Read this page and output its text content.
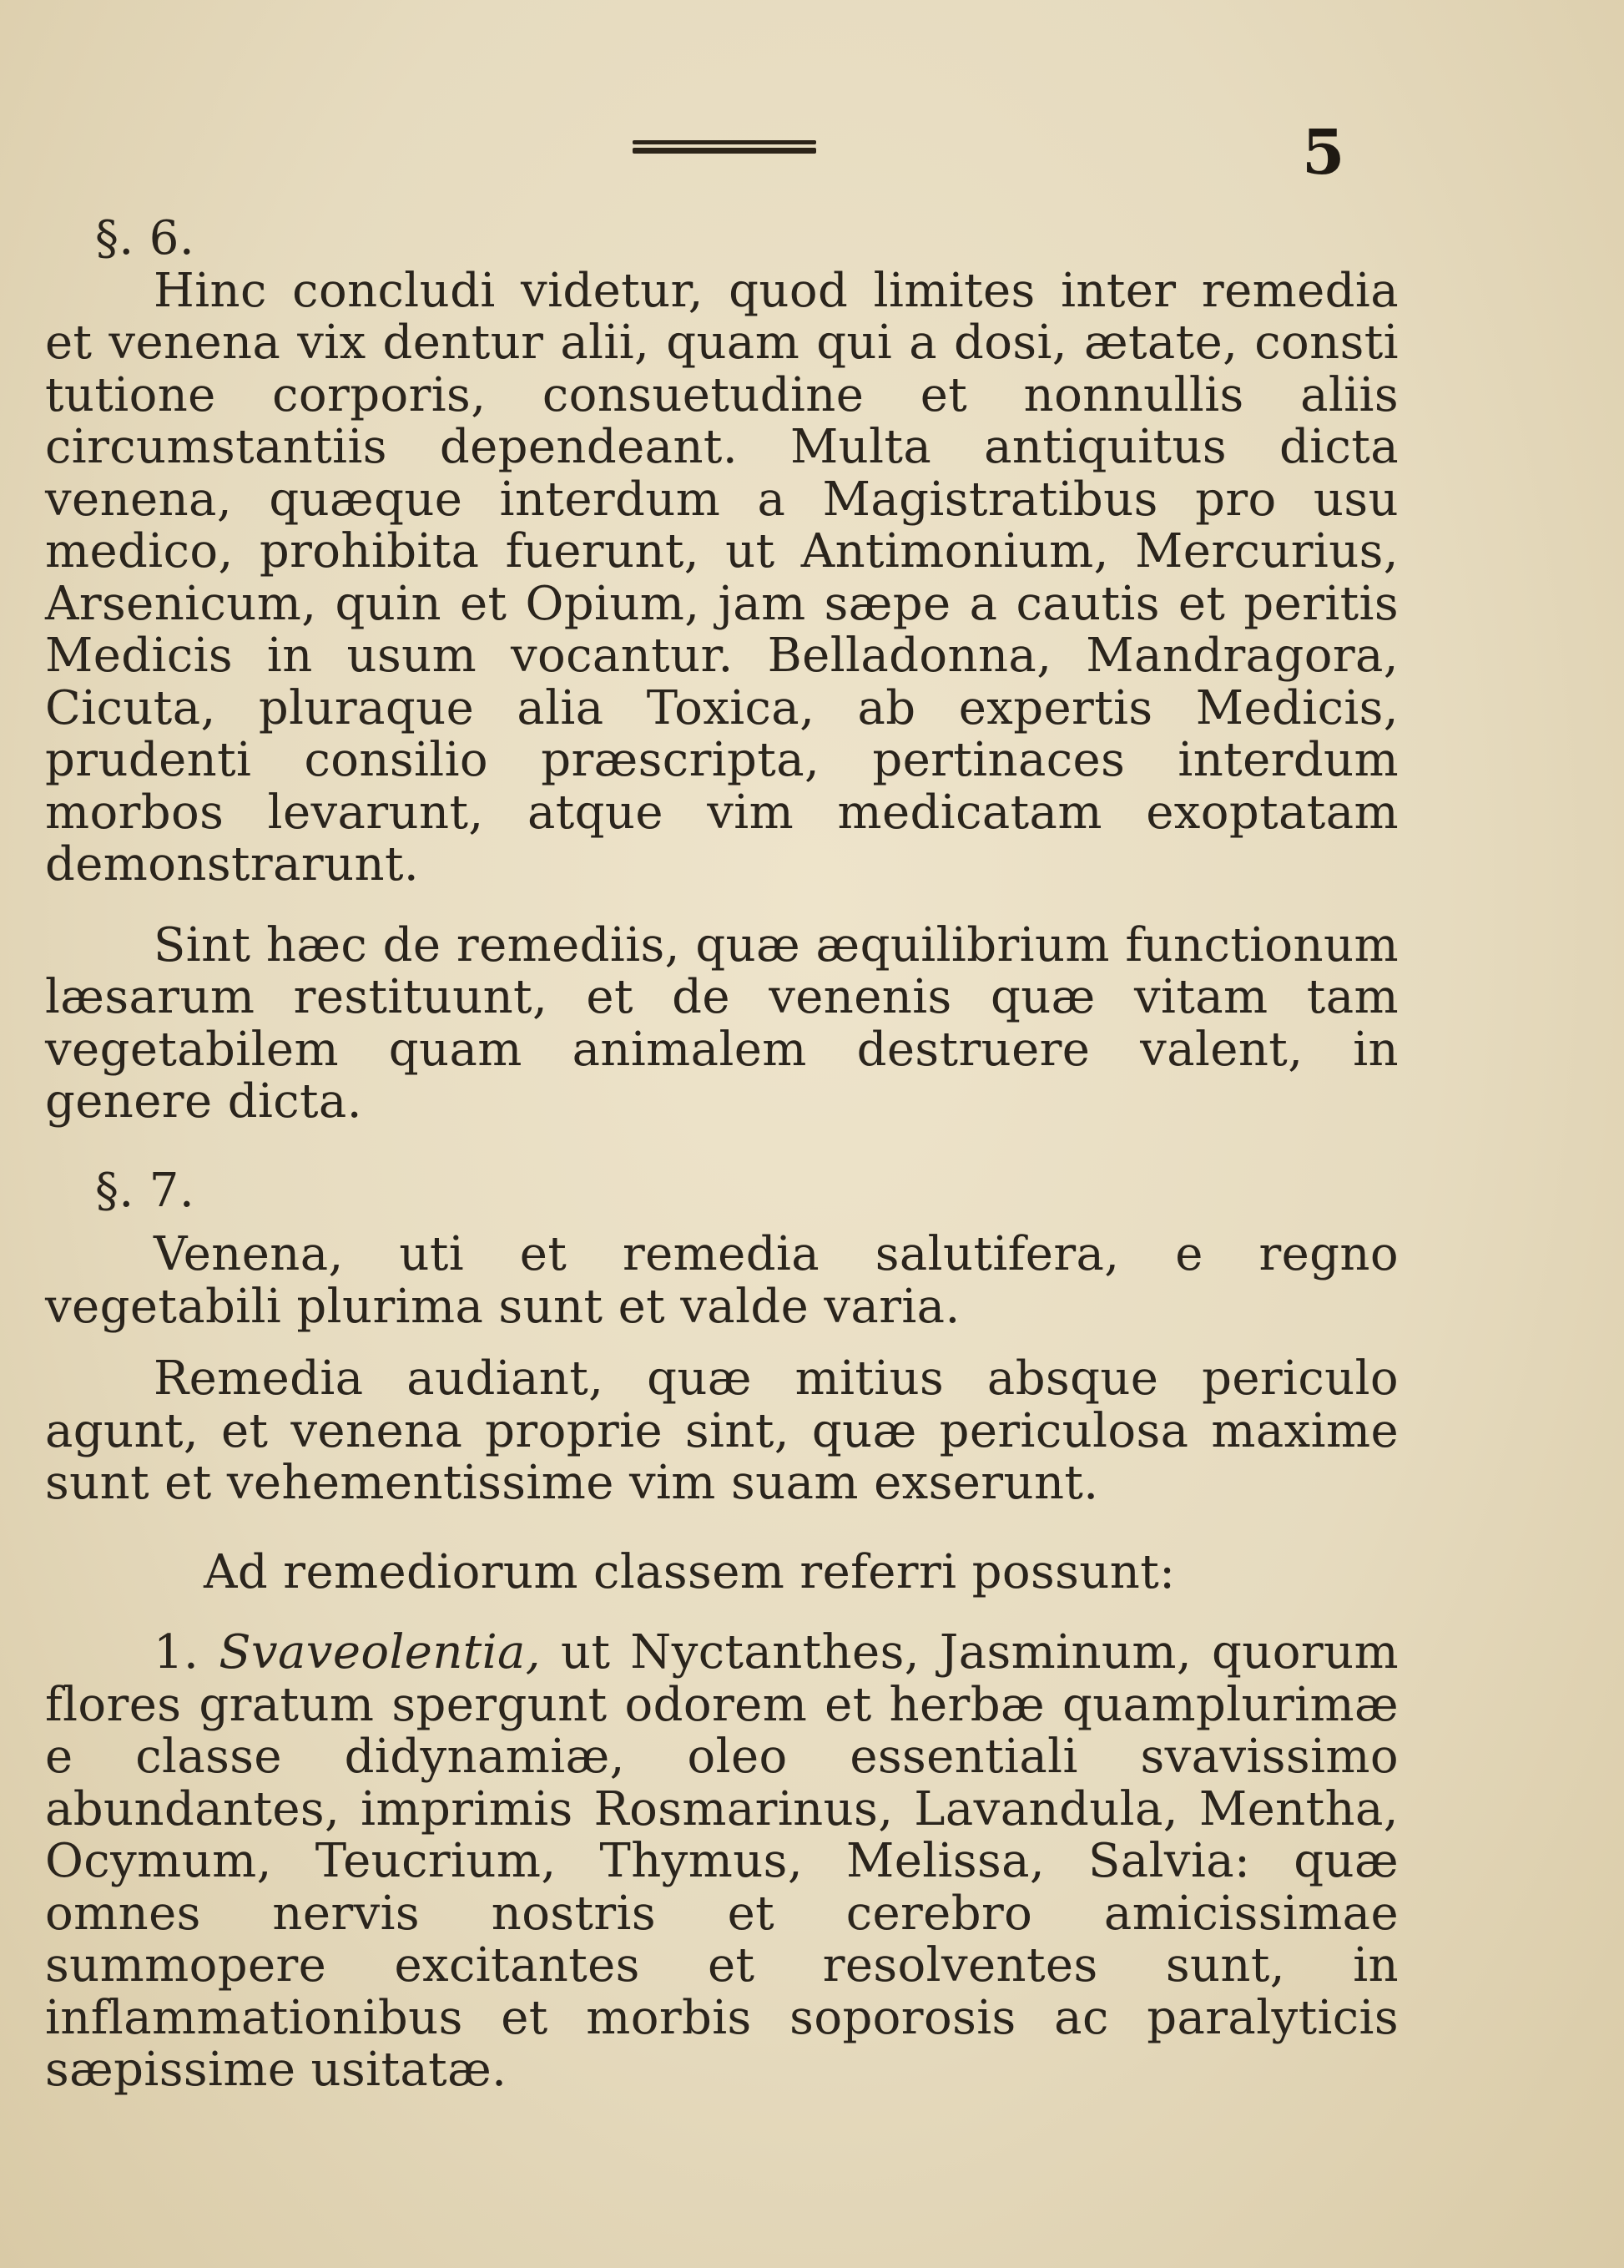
5

§. 6.

Hinc concludi videtur, quod limites inter remedia et venena vix dentur alii, quam qui a dosi, ætate, consti tutione corporis, consuetudine et nonnullis aliis circumstantiis dependeant. Multa antiquitus dicta venena, quæque interdum a Magistratibus pro usu medico, prohibita fuerunt, ut Antimonium, Mercurius, Arsenicum, quin et Opium, jam sæpe a cautis et peritis Medicis in usum vocantur. Belladonna, Mandragora, Cicuta, pluraque alia Toxica, ab expertis Medicis, prudenti consilio præscripta, pertinaces interdum morbos levarunt, atque vim medicatam exoptatam demonstrarunt.

Sint hæc de remediis, quæ æquilibrium functionum læsarum restituunt, et de venenis quæ vitam tam vegetabilem quam animalem destruere valent, in genere dicta.

§. 7.

Venena, uti et remedia salutifera, e regno vegetabili plurima sunt et valde varia.

Remedia audiant, quæ mitius absque periculo agunt, et venena proprie sint, quæ periculosa maxime sunt et vehementissime vim suam exserunt.

Ad remediorum classem referri possunt:

1. Svaveolentia, ut Nyctanthes, Jasminum, quorum flores gratum spergunt odorem et herbæ quamplurimæ e classe didynamiæ, oleo essentiali svavissimo abundantes, imprimis Rosmarinus, Lavandula, Mentha, Ocymum, Teucrium, Thymus, Melissa, Salvia: quæ omnes nervis nostris et cerebro amicissimae summopere excitantes et resolventes sunt, in inflammationibus et morbis soporosis ac paralyticis sæpissime usitatæ.
